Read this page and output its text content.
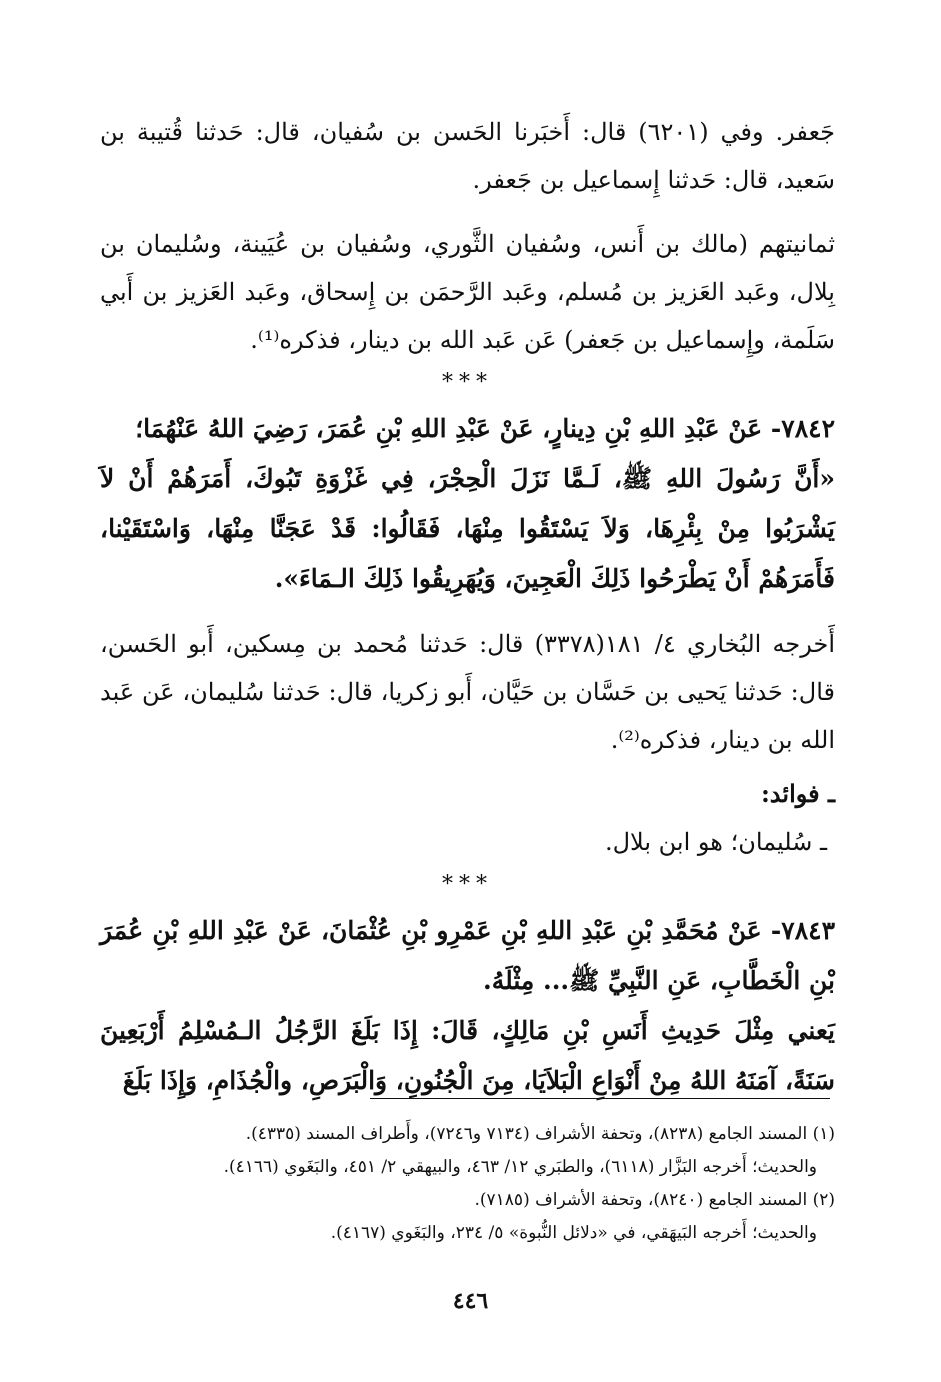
جَعفر. وفي (٦٢٠١) قال: أَخبَرنا الحَسن بن سُفيان، قال: حَدثنا قُتيبة بن سَعيد، قال: حَدثنا إِسماعيل بن جَعفر.

ثمانيتهم (مالك بن أَنس، وسُفيان الثَّوري، وسُفيان بن عُيَينة، وسُليمان بن بِلال، وعَبد العَزيز بن مُسلم، وعَبد الرَّحمَن بن إِسحاق، وعَبد العَزيز بن أَبي سَلَمة، وإِسماعيل بن جَعفر) عَن عَبد الله بن دينار، فذكره⁽¹⁾.

***

٧٨٤٢- عَنْ عَبْدِ اللهِ بْنِ دِينارٍ، عَنْ عَبْدِ اللهِ بْنِ عُمَرَ، رَضِيَ اللهُ عَنْهُمَا؛

«أَنَّ رَسُولَ اللهِ ﷺ، لَـمَّا نَزَلَ الْحِجْرَ، فِي غَزْوَةِ تَبُوكَ، أَمَرَهُمْ أَنْ لاَ يَشْرَبُوا مِنْ بِئْرِهَا، وَلاَ يَسْتَقُوا مِنْهَا، فَقَالُوا: قَدْ عَجَنَّا مِنْهَا، وَاسْتَقَيْنا، فَأَمَرَهُمْ أَنْ يَطْرَحُوا ذَلِكَ الْعَجِينَ، وَيُهَرِيقُوا ذَلِكَ الـمَاءَ».

أَخرجه البُخاري ٤/ ١٨١(٣٣٧٨) قال: حَدثنا مُحمد بن مِسكين، أَبو الحَسن، قال: حَدثنا يَحيى بن حَسَّان بن حَيَّان، أَبو زكريا، قال: حَدثنا سُليمان، عَن عَبد الله بن دينار، فذكره⁽²⁾.

ـ فوائد:
ـ سُليمان؛ هو ابن بلال.
***

٧٨٤٣- عَنْ مُحَمَّدِ بْنِ عَبْدِ اللهِ بْنِ عَمْرِو بْنِ عُثْمَانَ، عَنْ عَبْدِ اللهِ بْنِ عُمَرَ بْنِ الْخَطَّابِ، عَنِ النَّبِيِّ ﷺ... مِثْلَهُ.

يَعني مِثْلَ حَدِيثِ أَنَسِ بْنِ مَالِكٍ، قَالَ: إِذَا بَلَغَ الرَّجُلُ الـمُسْلِمُ أَرْبَعِينَ سَنَةً، آمَنَهُ اللهُ مِنْ أَنْوَاعِ الْبَلاَيَا، مِنَ الْجُنُونِ، وَالْبَرَصِ، والْجُذَامِ، وَإِذَا بَلَغَ

(١) المسند الجامع (٨٢٣٨)، وتحفة الأشراف (٧١٣٤ و٧٢٤٦)، وأَطراف المسند (٤٣٣٥).

والحديث؛ أَخرجه البَزَّار (٦١١٨)، والطبَري ١٢/ ٤٦٣، والبيهقي ٢/ ٤٥١، والبَغَوي (٤١٦٦).

(٢) المسند الجامع (٨٢٤٠)، وتحفة الأشراف (٧١٨٥).

والحديث؛ أَخرجه البَيهَقي، في «دلائل النُّبوة» ٥/ ٢٣٤، والبَغَوي (٤١٦٧).

٤٤٦
